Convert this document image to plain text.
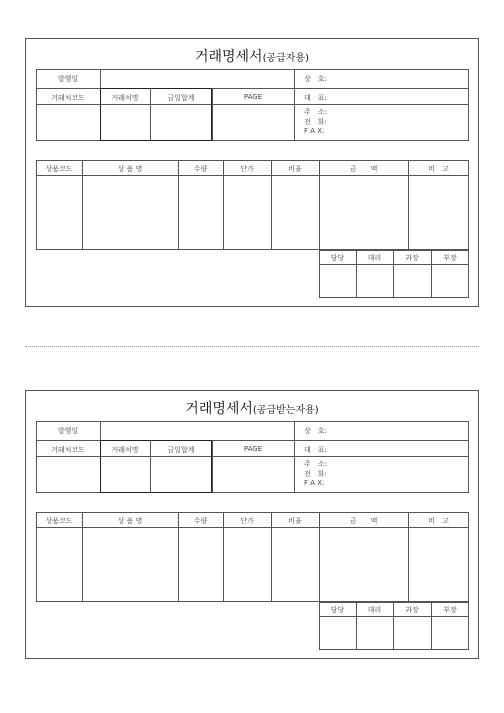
거래명세서(공급자용)
발행일
거래처코드	거래처명	금일합계	PAGE
상　호:
대　표:
주　소:
전　화:
F A X:
상품코드	상 품 명	수량	단가	비율	금　　액	비　고
담당	대리	과장	부장
거래명세서(공급받는자용)
발행일
거래처코드	거래처명	금일합계	PAGE
상　호:
대　표:
주　소:
전　화:
F A X:
상품코드	상 품 명	수량	단가	비율	금　　액	비　고
담당	대리	과장	부장
